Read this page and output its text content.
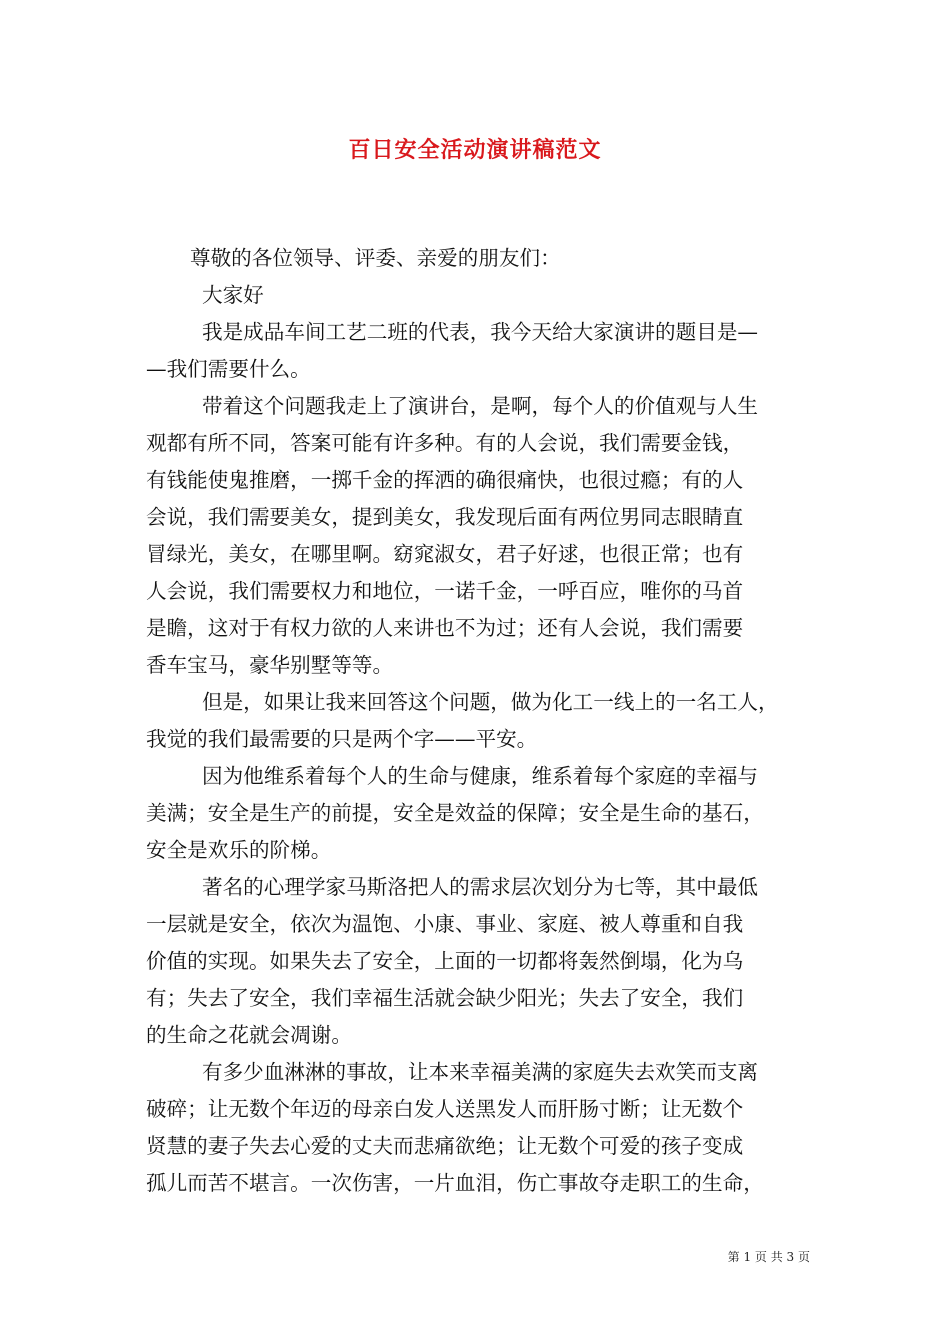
百日安全活动演讲稿范文
尊敬的各位领导、评委、亲爱的朋友们：
大家好
我是成品车间工艺二班的代表，我今天给大家演讲的题目是—
—我们需要什么。
带着这个问题我走上了演讲台，是啊，每个人的价值观与人生
观都有所不同，答案可能有许多种。有的人会说，我们需要金钱，
有钱能使鬼推磨，一掷千金的挥洒的确很痛快，也很过瘾；有的人
会说，我们需要美女，提到美女，我发现后面有两位男同志眼睛直
冒绿光，美女，在哪里啊。窈窕淑女，君子好逑，也很正常；也有
人会说，我们需要权力和地位，一诺千金，一呼百应，唯你的马首
是瞻，这对于有权力欲的人来讲也不为过；还有人会说，我们需要
香车宝马，豪华别墅等等。
但是，如果让我来回答这个问题，做为化工一线上的一名工人，
我觉的我们最需要的只是两个字——平安。
因为他维系着每个人的生命与健康，维系着每个家庭的幸福与
美满；安全是生产的前提，安全是效益的保障；安全是生命的基石，
安全是欢乐的阶梯。
著名的心理学家马斯洛把人的需求层次划分为七等，其中最低
一层就是安全，依次为温饱、小康、事业、家庭、被人尊重和自我
价值的实现。如果失去了安全，上面的一切都将轰然倒塌，化为乌
有；失去了安全，我们幸福生活就会缺少阳光；失去了安全，我们
的生命之花就会凋谢。
有多少血淋淋的事故，让本来幸福美满的家庭失去欢笑而支离
破碎；让无数个年迈的母亲白发人送黑发人而肝肠寸断；让无数个
贤慧的妻子失去心爱的丈夫而悲痛欲绝；让无数个可爱的孩子变成
孤儿而苦不堪言。一次伤害，一片血泪，伤亡事故夺走职工的生命，
第 1 页 共 3 页
